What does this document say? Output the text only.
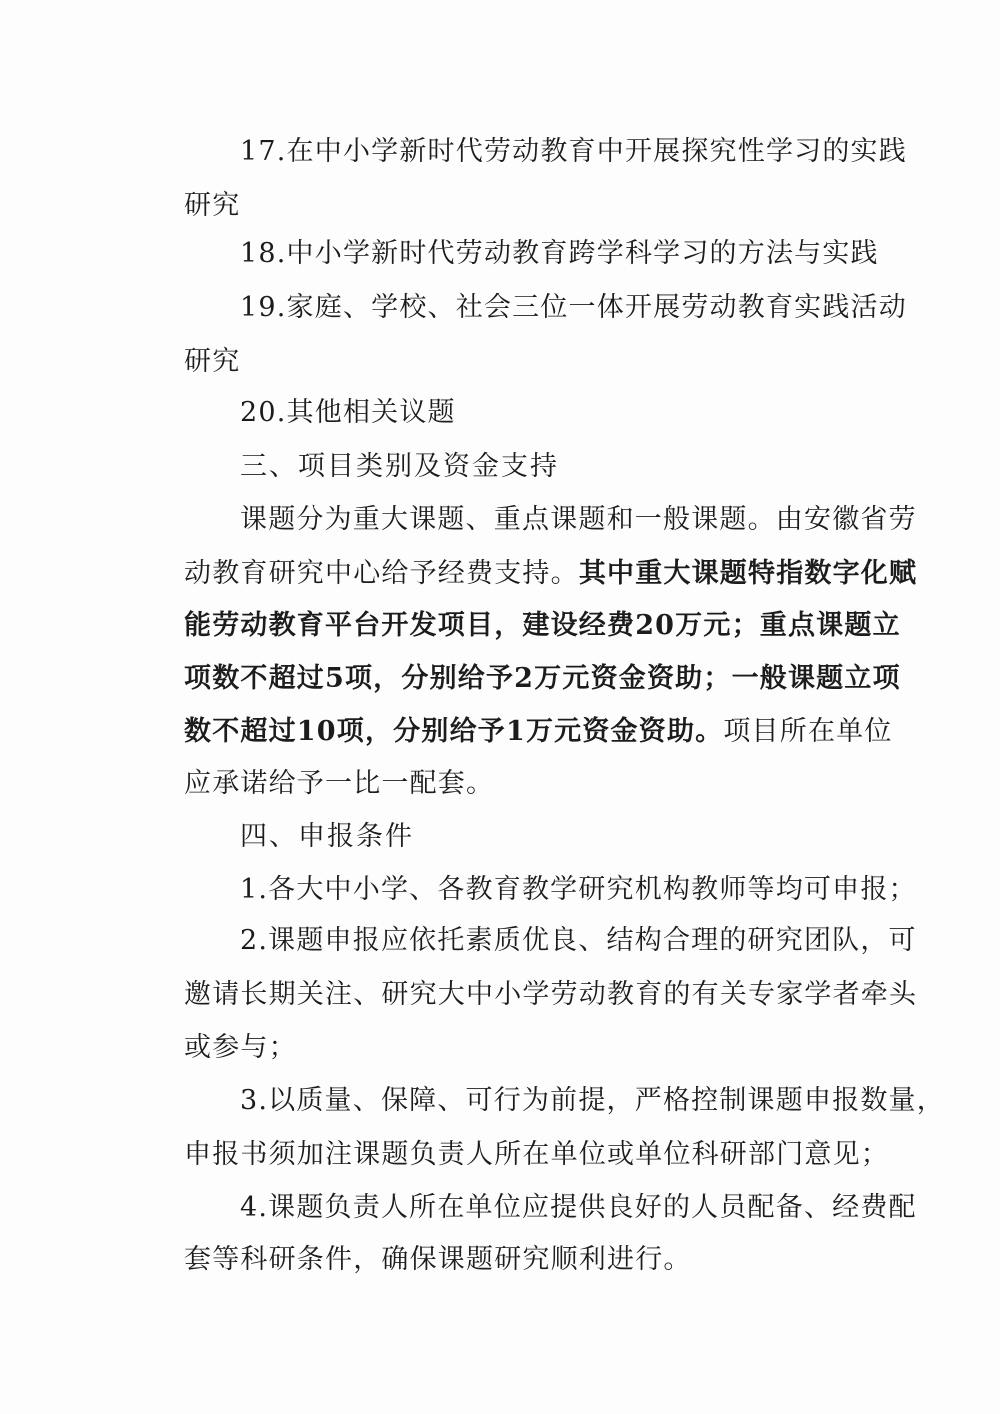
17.在中小学新时代劳动教育中开展探究性学习的实践
研究
18.中小学新时代劳动教育跨学科学习的方法与实践
19.家庭、学校、社会三位一体开展劳动教育实践活动
研究
20.其他相关议题
三、项目类别及资金支持
课题分为重大课题、重点课题和一般课题。由安徽省劳
动教育研究中心给予经费支持。其中重大课题特指数字化赋
能劳动教育平台开发项目，建设经费20万元；重点课题立
项数不超过5项，分别给予2万元资金资助；一般课题立项
数不超过10项，分别给予1万元资金资助。项目所在单位
应承诺给予一比一配套。
四、申报条件
1.各大中小学、各教育教学研究机构教师等均可申报；
2.课题申报应依托素质优良、结构合理的研究团队，可
邀请长期关注、研究大中小学劳动教育的有关专家学者牵头
或参与；
3.以质量、保障、可行为前提，严格控制课题申报数量，
申报书须加注课题负责人所在单位或单位科研部门意见；
4.课题负责人所在单位应提供良好的人员配备、经费配
套等科研条件，确保课题研究顺利进行。
